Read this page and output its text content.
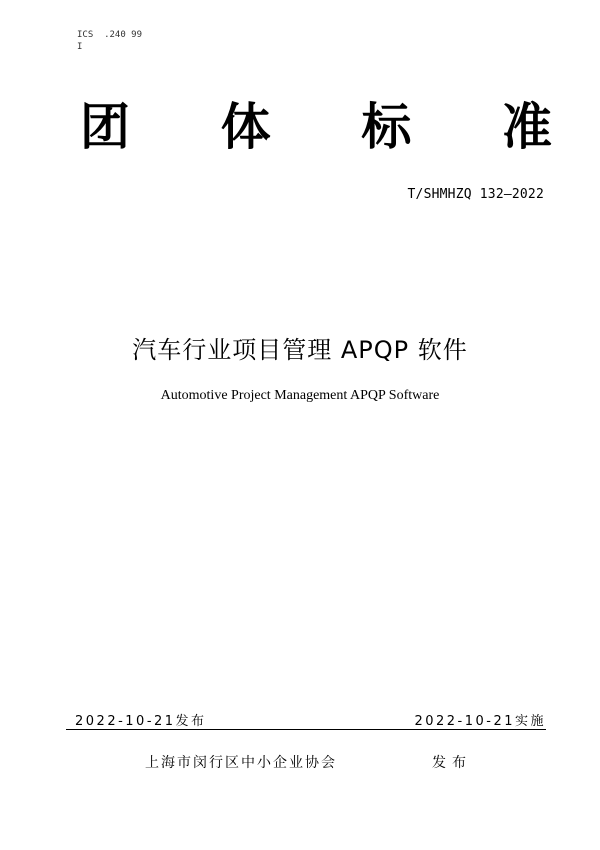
ICS  .240 99
I
团 体 标 准
T/SHMHZQ 132—2022
汽车行业项目管理 APQP 软件
Automotive Project Management APQP Software
2022-10-21发布	2022-10-21实施
上海市闵行区中小企业协会	发布
